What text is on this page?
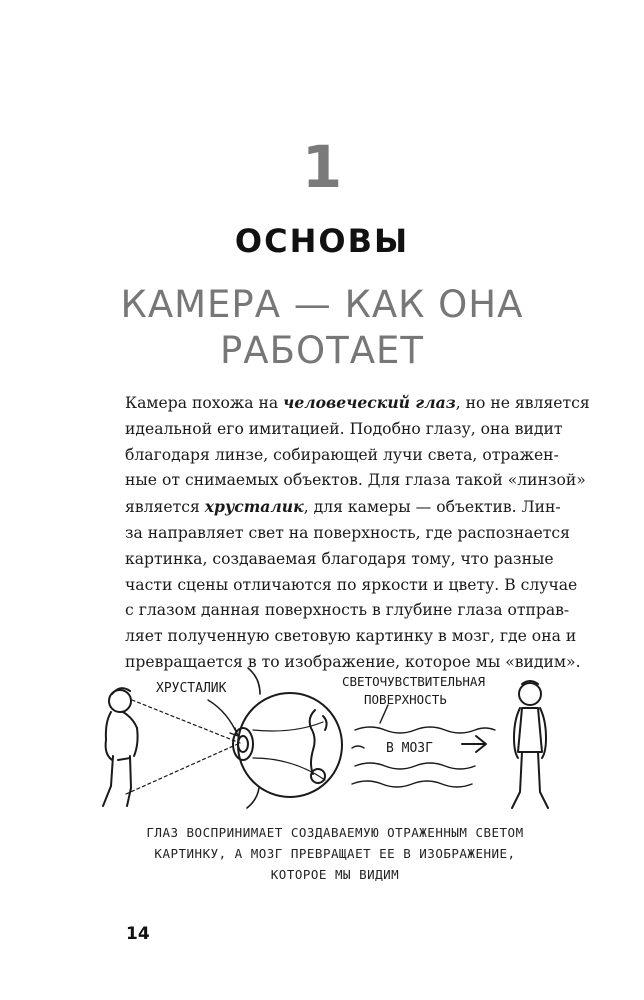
1
ОСНОВЫ
КАМЕРА — КАК ОНА
РАБОТАЕТ
Камера похожа на человеческий глаз, но не является
идеальной его имитацией. Подобно глазу, она видит
благодаря линзе, собирающей лучи света, отражен-
ные от снимаемых объектов. Для глаза такой «линзой»
является хрусталик, для камеры — объектив. Лин-
за направляет свет на поверхность, где распознается
картинка, создаваемая благодаря тому, что разные
части сцены отличаются по яркости и цвету. В случае
с глазом данная поверхность в глубине глаза отправ-
ляет полученную световую картинку в мозг, где она и
превращается в то изображение, которое мы «видим».
ХРУСТАЛИК	СВЕТОЧУВСТВИТЕЛЬНАЯ
ПОВЕРХНОСТЬ
В МОЗГ
ГЛАЗ ВОСПРИНИМАЕТ СОЗДАВАЕМУЮ ОТРАЖЕННЫМ СВЕТОМ
КАРТИНКУ, А МОЗГ ПРЕВРАЩАЕТ ЕЕ В ИЗОБРАЖЕНИЕ,
КОТОРОЕ МЫ ВИДИМ
14
